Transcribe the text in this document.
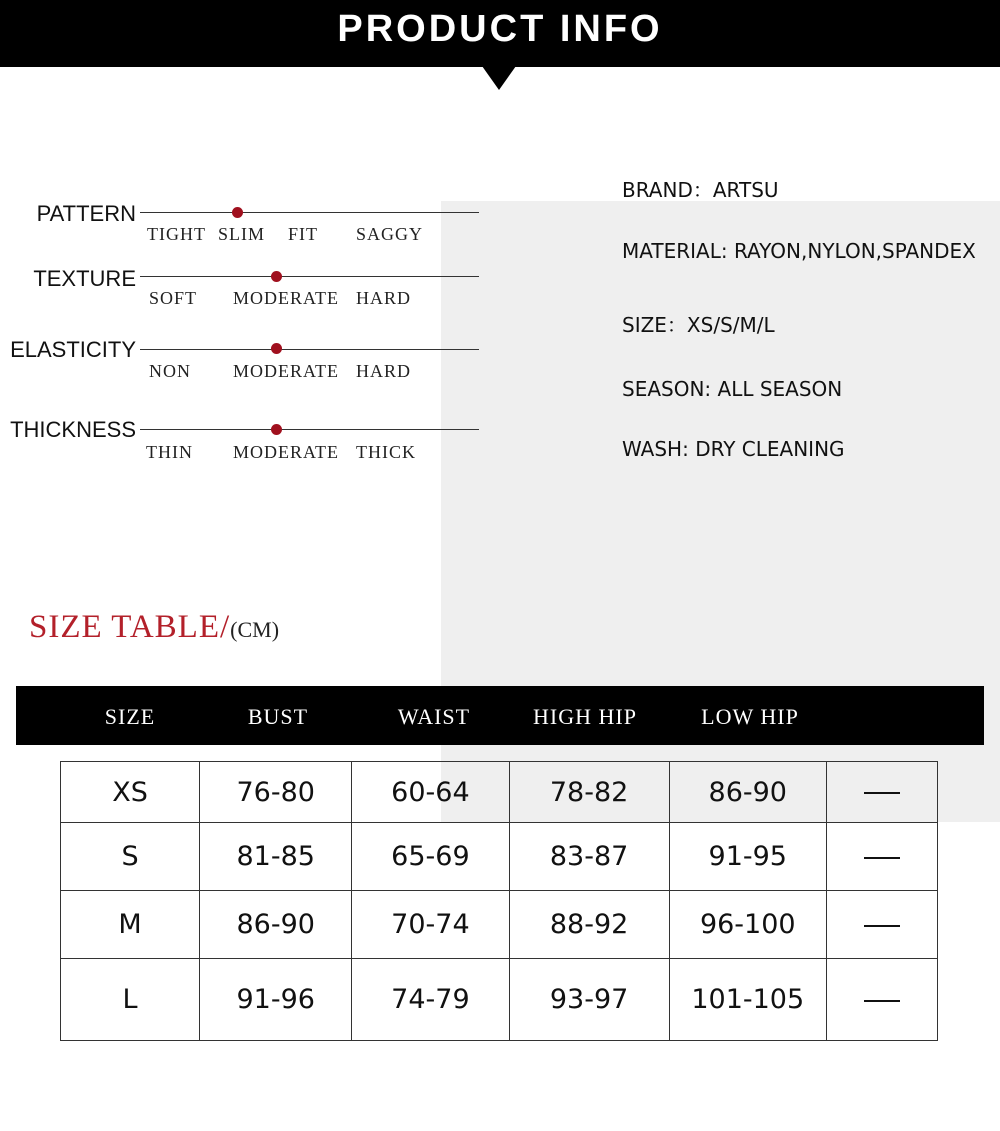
PRODUCT INFO
PATTERN
TIGHT SLIM FIT SAGGY
TEXTURE
SOFT MODERATE HARD
ELASTICITY
NON MODERATE HARD
THICKNESS
THIN MODERATE THICK
BRAND：ARTSU
MATERIAL: RAYON,NYLON,SPANDEX
SIZE：XS/S/M/L
SEASON: ALL SEASON
WASH: DRY CLEANING
SIZE TABLE/(CM)
SIZE	BUST	WAIST	HIGH HIP	LOW HIP
XS	76-80	60-64	78-82	86-90	
S	81-85	65-69	83-87	91-95	
M	86-90	70-74	88-92	96-100	
L	91-96	74-79	93-97	101-105	
